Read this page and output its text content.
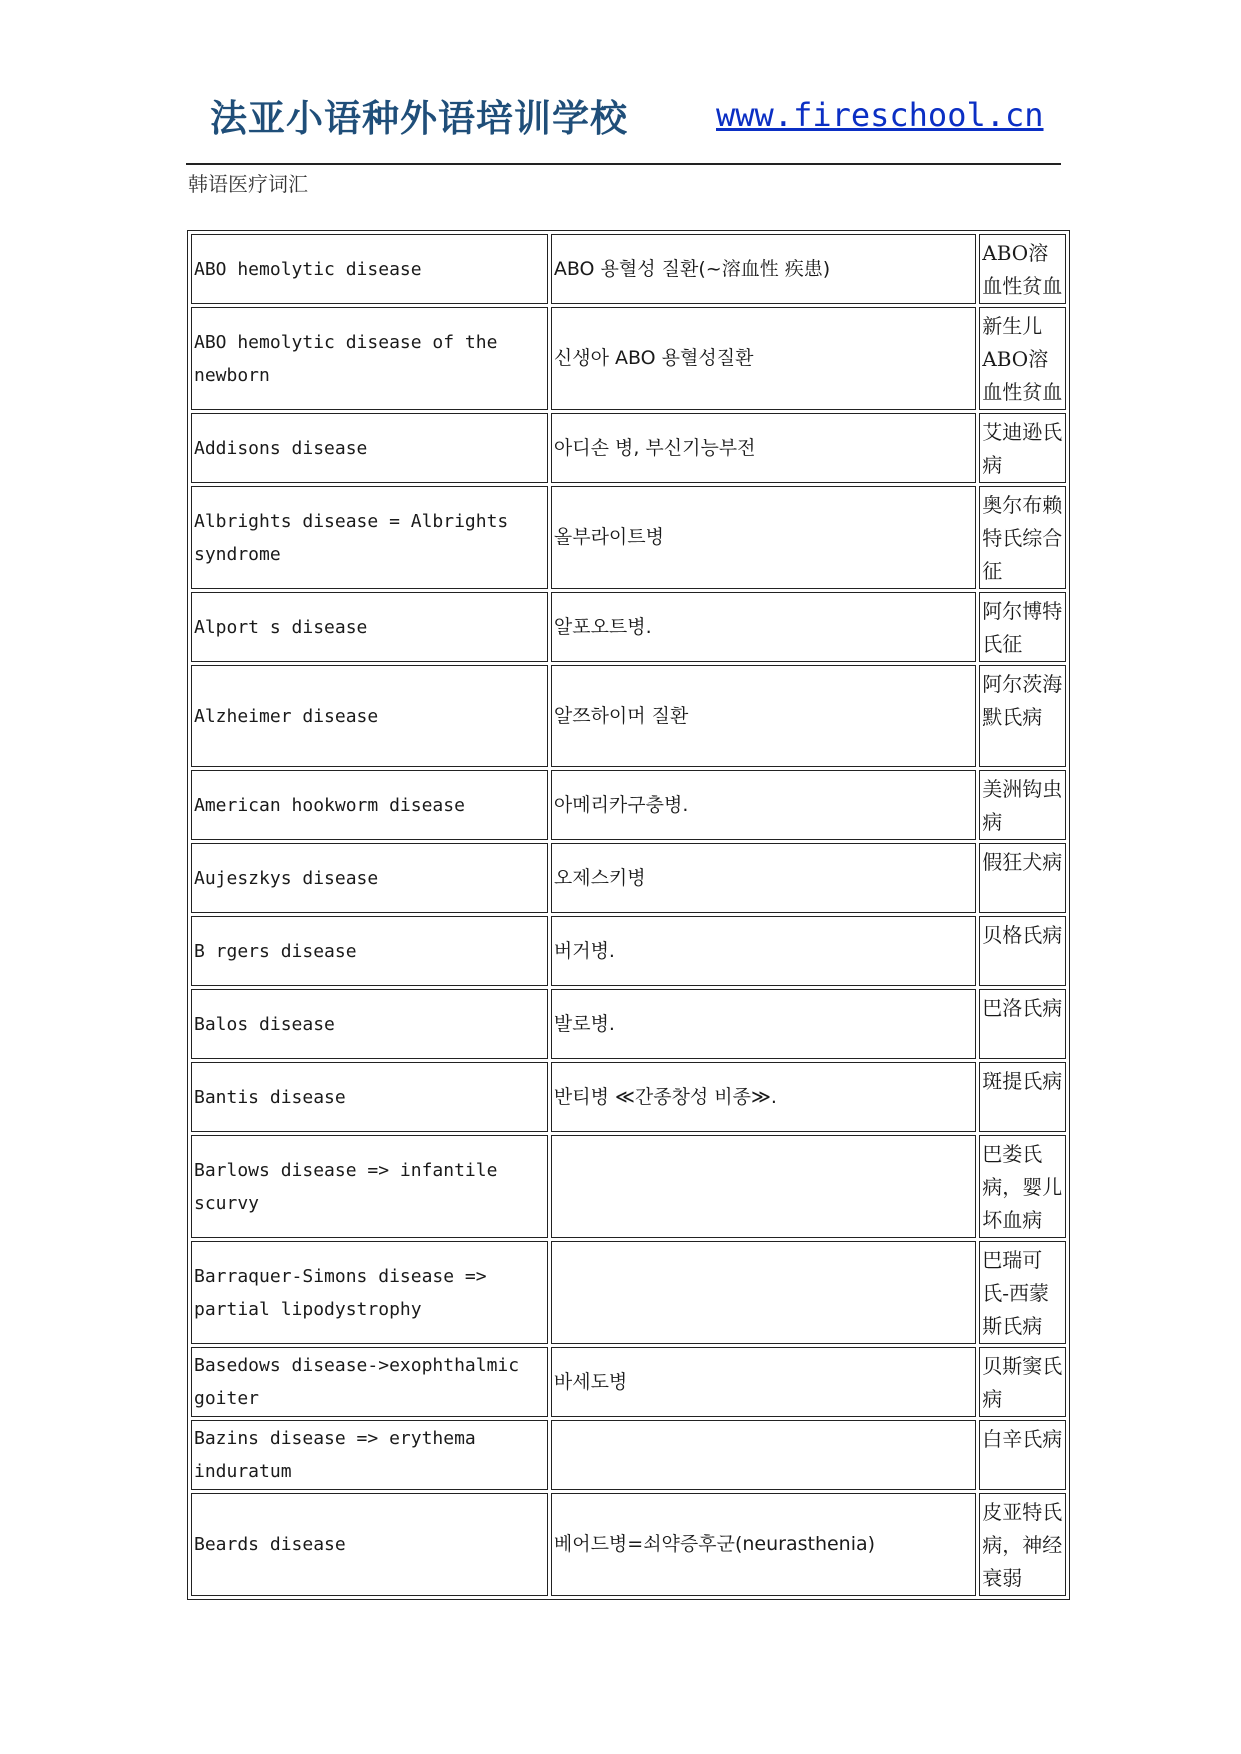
法亚小语种外语培训学校	www.fireschool.cn
韩语医疗词汇
ABO hemolytic disease	ABO 용혈성 질환(~溶血性 疾患)	ABO溶血性贫血
ABO hemolytic disease of the newborn	신생아 ABO 용혈성질환	新生儿ABO溶血性贫血
Addisons disease	아디손 병, 부신기능부전	艾迪逊氏病
Albrights disease = Albrights syndrome	올부라이트병	奥尔布赖特氏综合征
Alport s disease	알포오트병.	阿尔博特氏征
Alzheimer disease	알쯔하이머 질환	阿尔茨海默氏病
American hookworm disease	아메리카구충병.	美洲钩虫病
Aujeszkys disease	오제스키병	假狂犬病
B rgers disease	버거병.	贝格氏病
Balos disease	발로병.	巴洛氏病
Bantis disease	반티병 ≪간종창성 비종≫.	斑提氏病
Barlows disease => infantile scurvy		巴娄氏病，婴儿坏血病
Barraquer-Simons disease => partial lipodystrophy		巴瑞可氏-西蒙斯氏病
Basedows disease->exophthalmic goiter	바세도병	贝斯窦氏病
Bazins disease => erythema induratum		白辛氏病
Beards disease	베어드병=쇠약증후군(neurasthenia)	皮亚特氏病，神经衰弱
